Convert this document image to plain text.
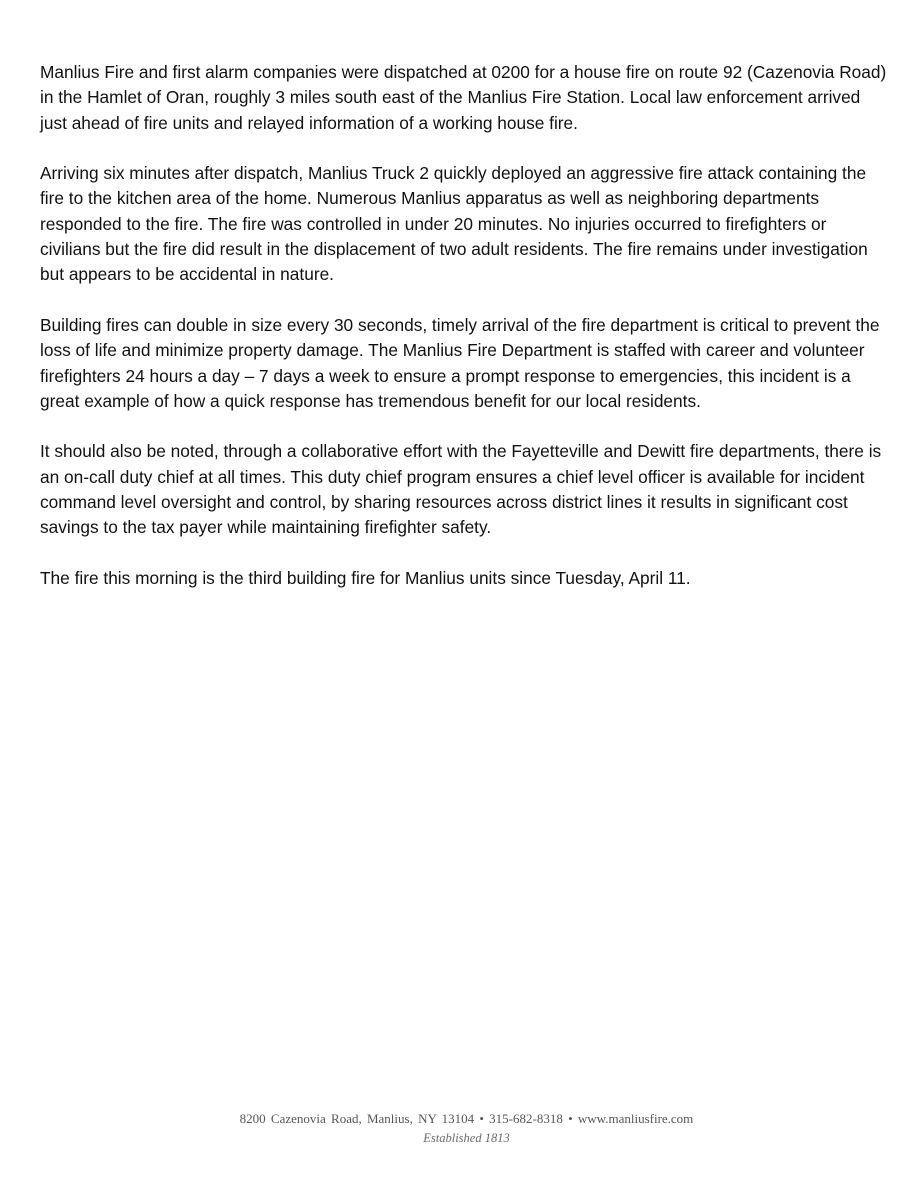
Manlius Fire and first alarm companies were dispatched at 0200 for a house fire on route 92 (Cazenovia Road) in the Hamlet of Oran, roughly 3 miles south east of the Manlius Fire Station. Local law enforcement arrived just ahead of fire units and relayed information of a working house fire.

Arriving six minutes after dispatch, Manlius Truck 2 quickly deployed an aggressive fire attack containing the fire to the kitchen area of the home. Numerous Manlius apparatus as well as neighboring departments responded to the fire. The fire was controlled in under 20 minutes. No injuries occurred to firefighters or civilians but the fire did result in the displacement of two adult residents. The fire remains under investigation but appears to be accidental in nature.

Building fires can double in size every 30 seconds, timely arrival of the fire department is critical to prevent the loss of life and minimize property damage. The Manlius Fire Department is staffed with career and volunteer firefighters 24 hours a day – 7 days a week to ensure a prompt response to emergencies, this incident is a great example of how a quick response has tremendous benefit for our local residents.

It should also be noted, through a collaborative effort with the Fayetteville and Dewitt fire departments, there is an on-call duty chief at all times. This duty chief program ensures a chief level officer is available for incident command level oversight and control, by sharing resources across district lines it results in significant cost savings to the tax payer while maintaining firefighter safety.

The fire this morning is the third building fire for Manlius units since Tuesday, April 11.

8200 Cazenovia Road, Manlius, NY 13104 • 315-682-8318 • www.manliusfire.com
Established 1813
